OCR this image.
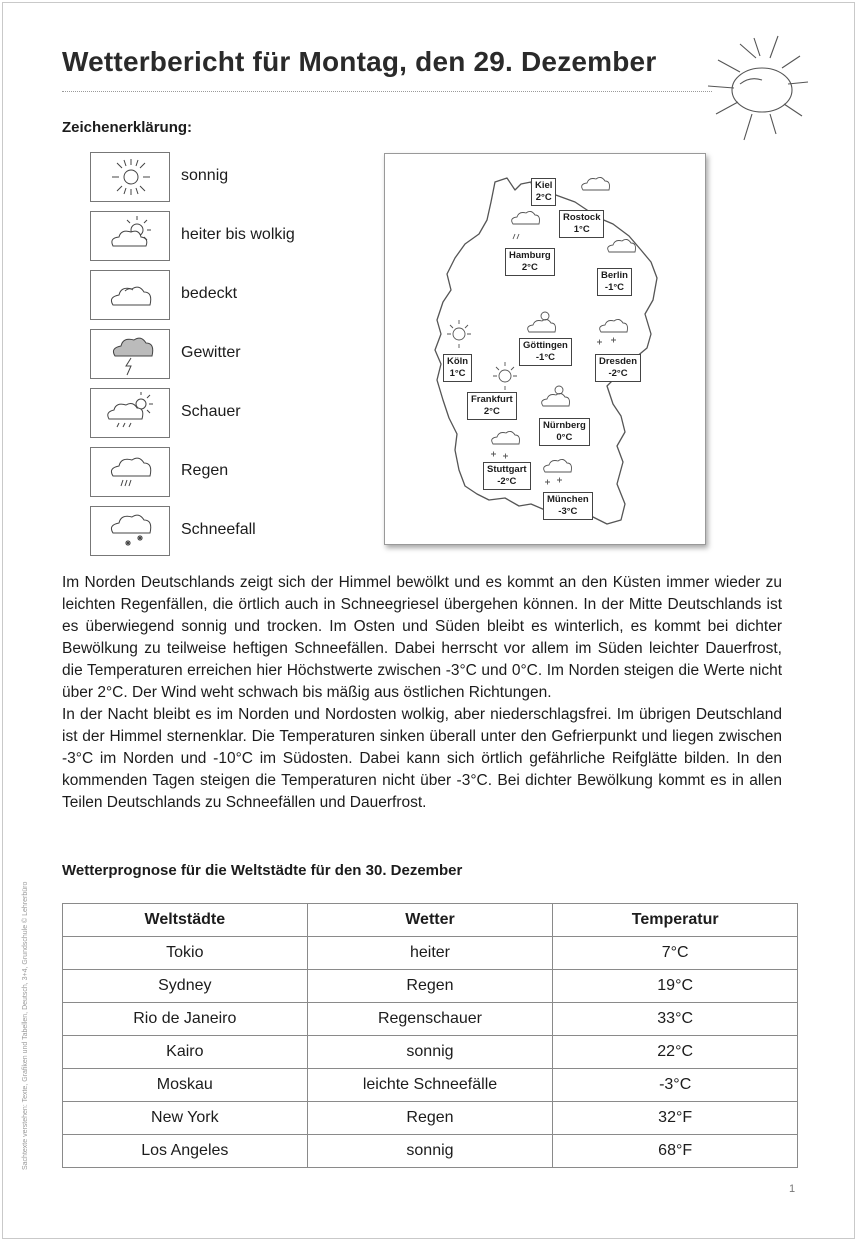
Wetterbericht für Montag, den 29. Dezember
Zeichenerklärung:
sonnig
heiter bis wolkig
bedeckt
Gewitter
Schauer
Regen
Schneefall
Kiel
2°C
Rostock
1°C
Hamburg
2°C
Berlin
-1°C
Göttingen
-1°C
Köln
1°C
Dresden
-2°C
Frankfurt
2°C
Nürnberg
0°C
Stuttgart
-2°C
München
-3°C

Im Norden Deutschlands zeigt sich der Himmel bewölkt und es kommt an den Küsten immer wieder zu leichten Regenfällen, die örtlich auch in Schneegriesel übergehen können. In der Mitte Deutschlands ist es überwiegend sonnig und trocken. Im Osten und Süden bleibt es winterlich, es kommt bei dichter Bewölkung zu teilweise heftigen Schneefällen. Dabei herrscht vor allem im Süden leichter Dauerfrost, die Temperaturen erreichen hier Höchstwerte zwischen -3°C und 0°C. Im Norden steigen die Werte nicht über 2°C. Der Wind weht schwach bis mäßig aus östlichen Richtungen.

In der Nacht bleibt es im Norden und Nordosten wolkig, aber niederschlagsfrei. Im übrigen Deutschland ist der Himmel sternenklar. Die Temperaturen sinken überall unter den Gefrierpunkt und liegen zwischen -3°C im Norden und -10°C im Südosten. Dabei kann sich örtlich gefährliche Reifglätte bilden. In den kommenden Tagen steigen die Temperaturen nicht über -3°C. Bei dichter Bewölkung kommt es in allen Teilen Deutschlands zu Schneefällen und Dauerfrost.

Wetterprognose für die Weltstädte für den 30. Dezember
Weltstädte	Wetter	Temperatur
Tokio	heiter	7°C
Sydney	Regen	19°C
Rio de Janeiro	Regenschauer	33°C
Kairo	sonnig	22°C
Moskau	leichte Schneefälle	-3°C
New York	Regen	32°F
Los Angeles	sonnig	68°F
Sachtexte verstehen: Texte, Grafiken und Tabellen, Deutsch, 3+4, Grundschule © Lehrerbüro
1
